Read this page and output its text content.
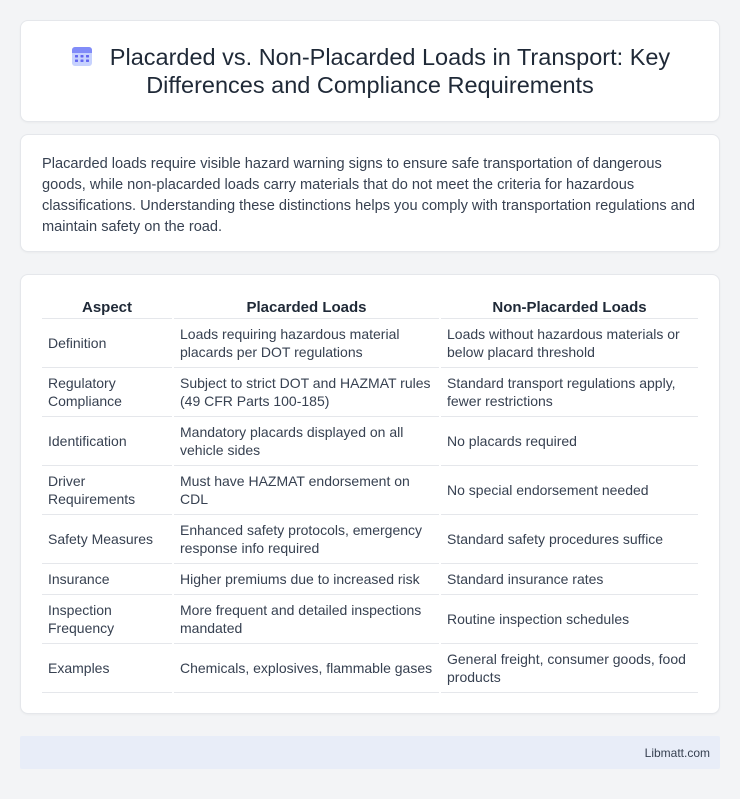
Placarded vs. Non-Placarded Loads in Transport: Key Differences and Compliance Requirements

Placarded loads require visible hazard warning signs to ensure safe transportation of dangerous goods, while non-placarded loads carry materials that do not meet the criteria for hazardous classifications. Understanding these distinctions helps you comply with transportation regulations and maintain safety on the road.

Aspect	Placarded Loads	Non-Placarded Loads
Definition	Loads requiring hazardous material placards per DOT regulations	Loads without hazardous materials or below placard threshold
Regulatory Compliance	Subject to strict DOT and HAZMAT rules (49 CFR Parts 100-185)	Standard transport regulations apply, fewer restrictions
Identification	Mandatory placards displayed on all vehicle sides	No placards required
Driver Requirements	Must have HAZMAT endorsement on CDL	No special endorsement needed
Safety Measures	Enhanced safety protocols, emergency response info required	Standard safety procedures suffice
Insurance	Higher premiums due to increased risk	Standard insurance rates
Inspection Frequency	More frequent and detailed inspections mandated	Routine inspection schedules
Examples	Chemicals, explosives, flammable gases	General freight, consumer goods, food products
Libmatt.com
